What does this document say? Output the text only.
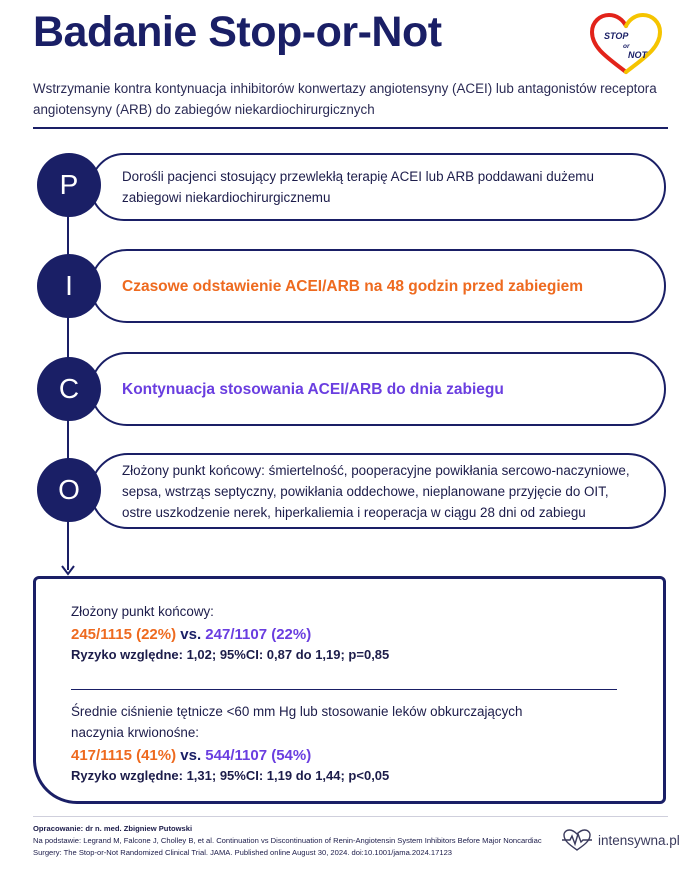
Badanie Stop-or-Not	STOP
or
NOT
Wstrzymanie kontra kontynuacja inhibitorów konwertazy angiotensyny (ACEI) lub antagonistów receptora angiotensyny (ARB) do zabiegów niekardiochirurgicznych
Dorośli pacjenci stosujący przewlekłą terapię ACEI lub ARB poddawani dużemu zabiegowi niekardiochirurgicznemu
P
Czasowe odstawienie ACEI/ARB na 48 godzin przed zabiegiem
I
Kontynuacja stosowania ACEI/ARB do dnia zabiegu
C
Złożony punkt końcowy: śmiertelność, pooperacyjne powikłania sercowo-naczyniowe, sepsa, wstrząs septyczny, powikłania oddechowe, nieplanowane przyjęcie do OIT, ostre uszkodzenie nerek, hiperkaliemia i reoperacja w ciągu 28 dni od zabiegu
O
Złożony punkt końcowy:
245/1115 (22%) vs. 247/1107 (22%)
Ryzyko względne: 1,02; 95%CI: 0,87 do 1,19; p=0,85
Średnie ciśnienie tętnicze <60 mm Hg lub stosowanie leków obkurczających naczynia krwionośne:
417/1115 (41%) vs. 544/1107 (54%)
Ryzyko względne: 1,31; 95%CI: 1,19 do 1,44; p<0,05
Opracowanie: dr n. med. Zbigniew Putowski
Na podstawie: Legrand M, Falcone J, Cholley B, et al. Continuation vs Discontinuation of Renin-Angiotensin System Inhibitors Before Major Noncardiac Surgery: The Stop-or-Not Randomized Clinical Trial. JAMA. Published online August 30, 2024. doi:10.1001/jama.2024.17123
intensywna.pl
